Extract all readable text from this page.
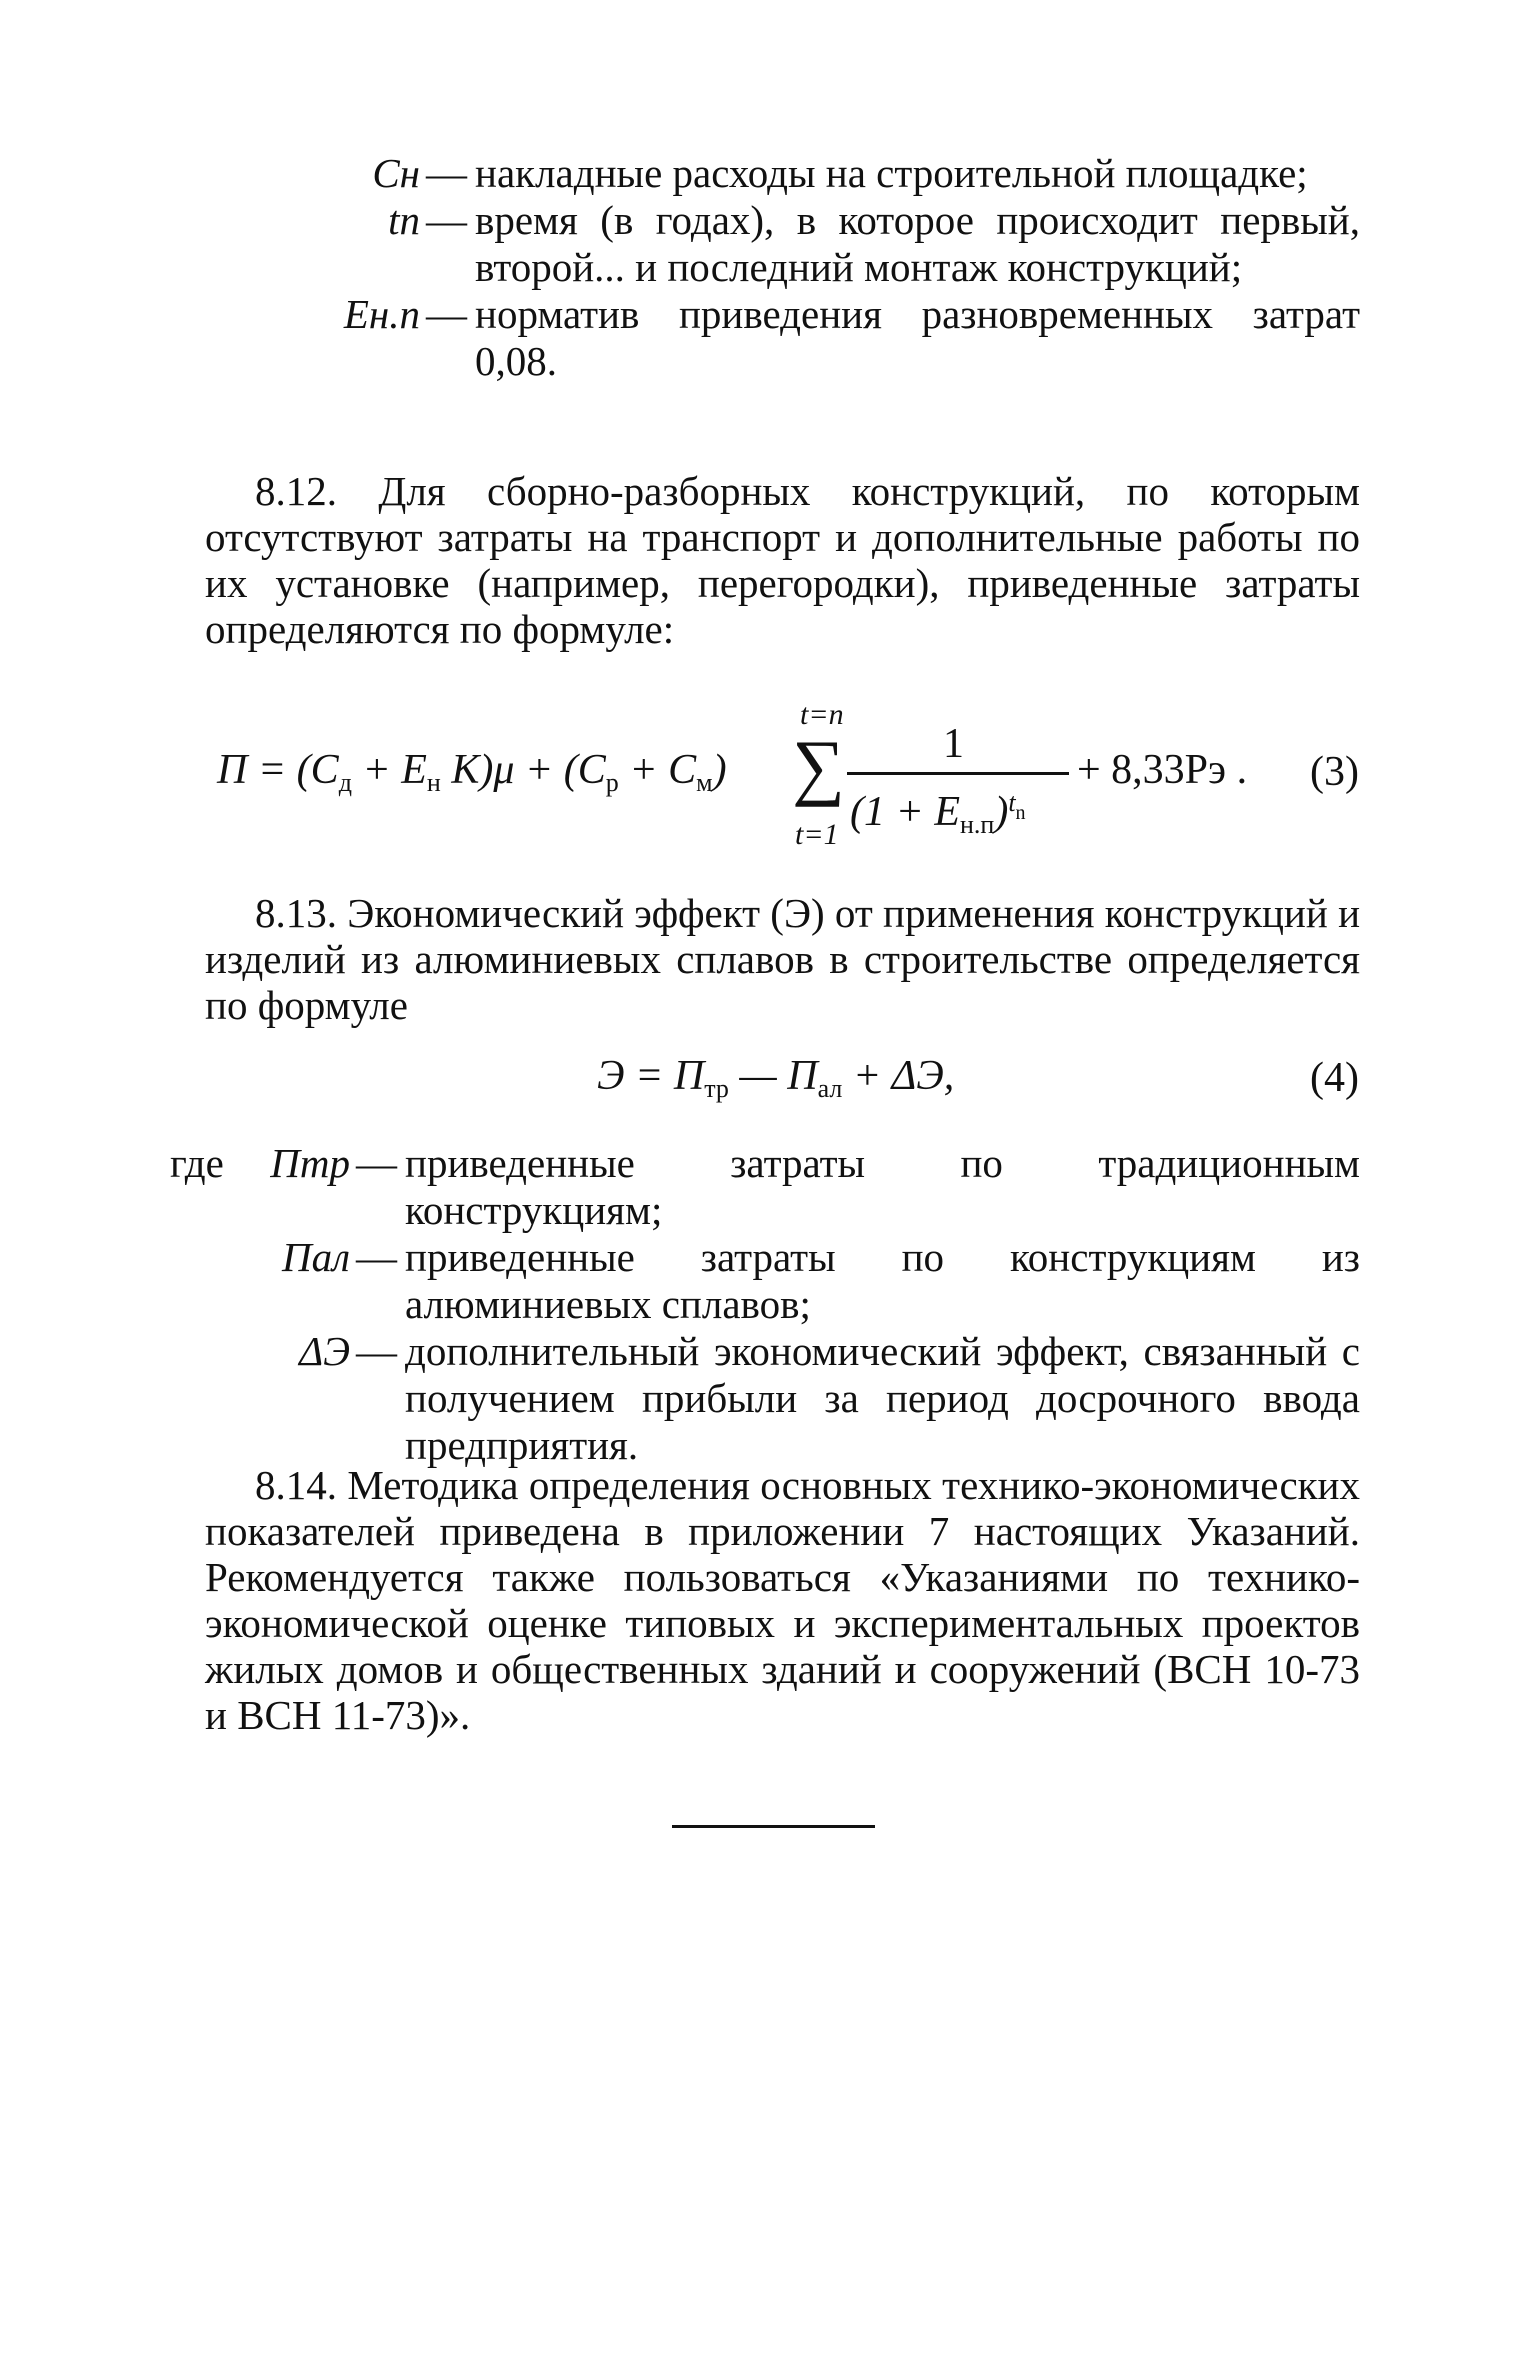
Cн — накладные расходы на строительной площадке;
tn — время (в годах), в которое происходит первый, второй... и последний монтаж конструкций;
Eн.п — норматив приведения разновременных затрат 0,08.

8.12. Для сборно-разборных конструкций, по которым отсутствуют затраты на транспорт и дополнительные работы по их установке (например, перегородки), приведенные затраты определяются по формуле:

$П = (C_д + E_н$ $K)\mu + (C_р + C_м)$
t=n
∑
t=1
1
$(1 + E_{н.п})^{t_n}$
+ 8,33Pэ . (3)

8.13. Экономический эффект (Э) от применения конструкций и изделий из алюминиевых сплавов в строительстве определяется по формуле

$Э = П_{тр}$ — $П_{ал} + \Delta Э$,	(4)
где	Птр — приведенные затраты по традиционным конструкциям;
Пал — приведенные затраты по конструкциям из алюминиевых сплавов;
ΔЭ — дополнительный экономический эффект, связанный с получением прибыли за период досрочного ввода предприятия.

8.14. Методика определения основных технико-экономических показателей приведена в приложении 7 настоящих Указаний. Рекомендуется также пользоваться «Указаниями по технико-экономической оценке типовых и экспериментальных проектов жилых домов и общественных зданий и сооружений (ВСН 10-73 и ВСН 11-73)».
